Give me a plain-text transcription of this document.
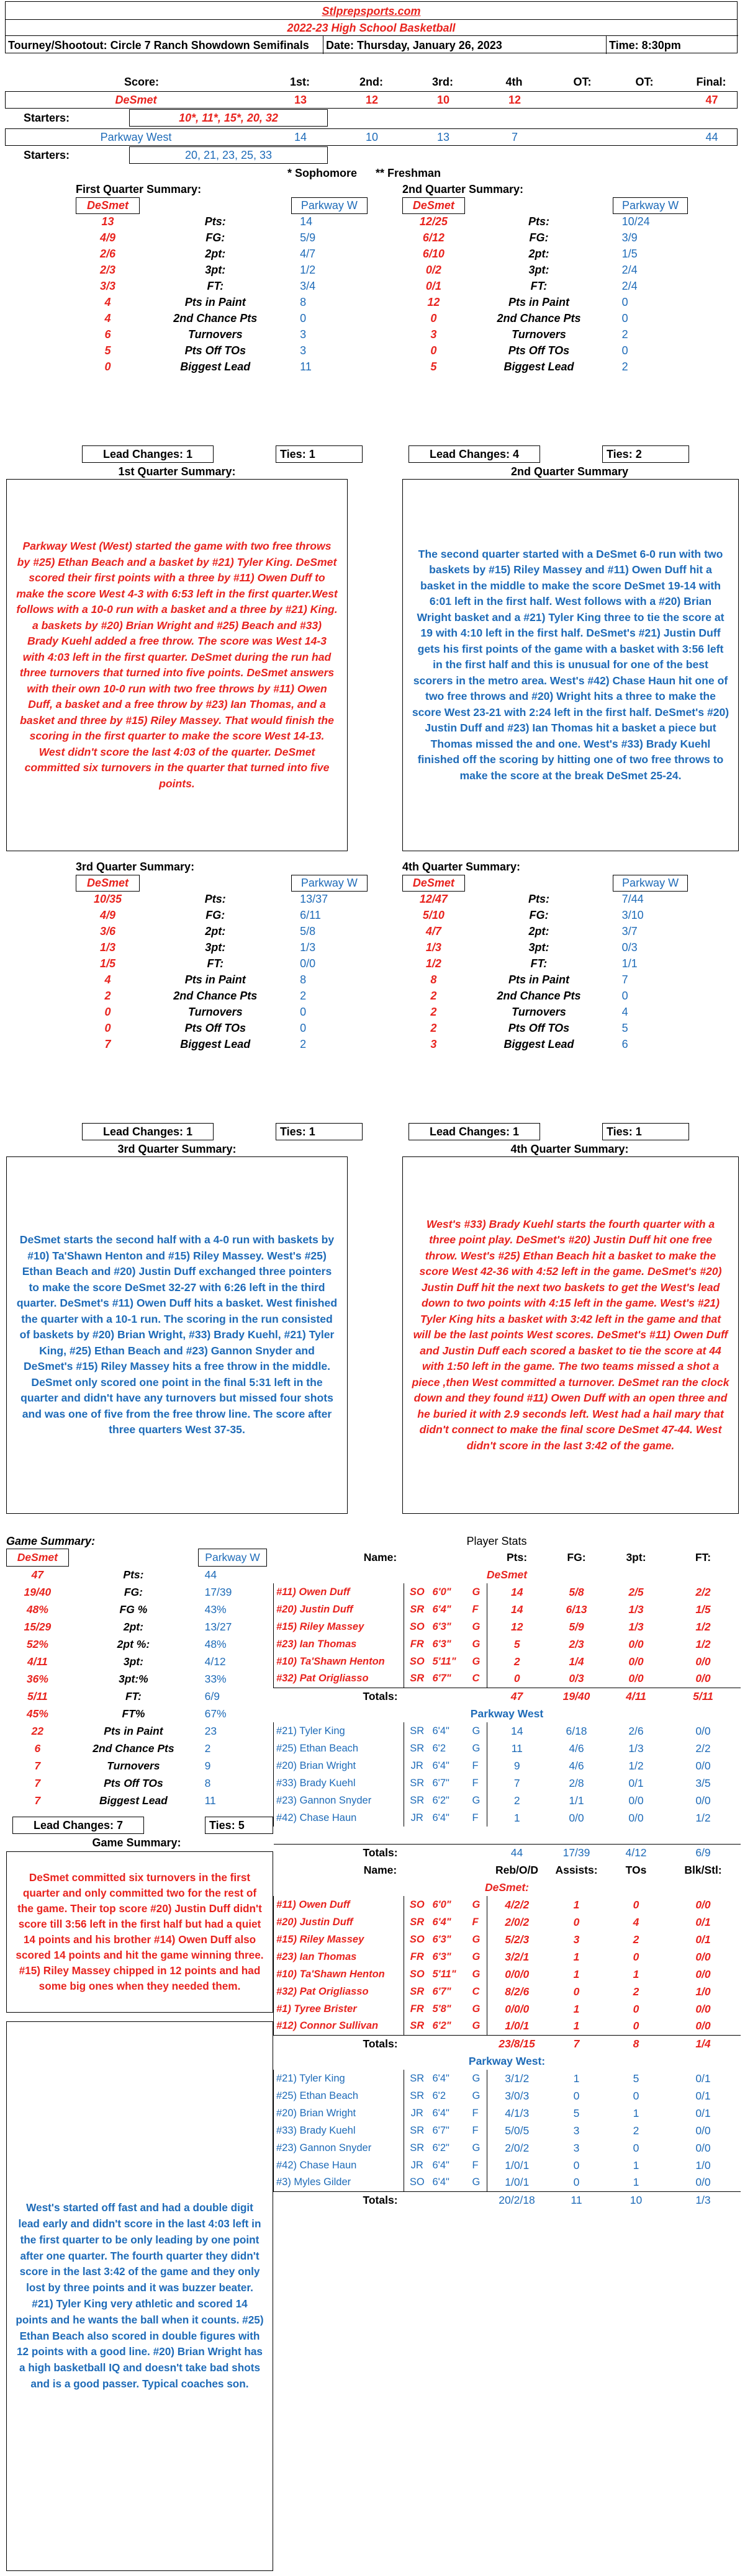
Stlprepsports.com
2022-23 High School Basketball
Tourney/Shootout: Circle 7 Ranch Showdown Semifinals	Date: Thursday, January 26, 2023	Time: 8:30pm
Score:	1st:	2nd:	3rd:	4th	OT:	OT:	Final:
DeSmet	13	12	10	12	47
Starters:	10*, 11*, 15*, 20, 32
Parkway West	14	10	13	7	44
Starters:	20, 21, 23, 25, 33
* Sophomore      ** Freshman
First Quarter Summary:
DeSmet		Parkway W
13	Pts:	14
4/9	FG:	5/9
2/6	2pt:	4/7
2/3	3pt:	1/2
3/3	FT:	3/4
4	Pts in Paint	8
4	2nd Chance Pts	0
6	Turnovers	3
5	Pts Off TOs	3
0	Biggest Lead	11
Lead Changes: 1	Ties: 1
1st Quarter Summary:
Parkway West (West) started the game with two free throws by #25) Ethan Beach and a basket by #21) Tyler King. DeSmet scored their first points with a three by #11) Owen Duff to make the score West 4-3 with 6:53 left in the first quarter.West follows with a 10-0 run with a basket and a three by #21) King. a baskets by #20) Brian Wright and #25) Beach and #33) Brady Kuehl added a free throw. The score was West 14-3 with 4:03 left in the first quarter. DeSmet during the run had three turnovers that turned into five points. DeSmet answers with their own 10-0 run with two free throws by #11) Owen Duff, a basket and a free throw by #23) Ian Thomas, and a basket and three by #15) Riley Massey. That would finish the scoring in the first quarter to make the score West 14-13. West didn't score the last 4:03 of the quarter. DeSmet committed six turnovers in the quarter that turned into five points.
2nd Quarter Summary:
DeSmet		Parkway W
12/25	Pts:	10/24
6/12	FG:	3/9
6/10	2pt:	1/5
0/2	3pt:	2/4
0/1	FT:	2/4
12	Pts in Paint	0
0	2nd Chance Pts	0
3	Turnovers	2
0	Pts Off TOs	0
5	Biggest Lead	2
Lead Changes: 4	Ties: 2
2nd Quarter Summary
The second quarter started with a DeSmet 6-0 run with two baskets by #15) Riley Massey and #11) Owen Duff hit a basket in the middle to make the score DeSmet 19-14 with 6:01 left in the first half. West follows with a #20) Brian Wright basket and a #21) Tyler King three to tie the score at 19 with 4:10 left in the first half. DeSmet's #21) Justin Duff gets his first points of the game with a basket with 3:56 left in the first half and this is unusual for one of the best scorers in the metro area. West's #42) Chase Haun hit one of two free throws and #20) Wright hits a three to make the score West 23-21 with 2:24 left in the first half. DeSmet's #20) Justin Duff and #23) Ian Thomas hit a basket a piece but Thomas missed the and one. West's #33) Brady Kuehl finished off the scoring by hitting one of two free throws to make the score at the break DeSmet 25-24.
3rd Quarter Summary:
DeSmet		Parkway W
10/35	Pts:	13/37
4/9	FG:	6/11
3/6	2pt:	5/8
1/3	3pt:	1/3
1/5	FT:	0/0
4	Pts in Paint	8
2	2nd Chance Pts	2
0	Turnovers	0
0	Pts Off TOs	0
7	Biggest Lead	2
Lead Changes: 1	Ties: 1
3rd Quarter Summary:
DeSmet starts the second half with a 4-0 run with baskets by #10) Ta'Shawn Henton and #15) Riley Massey. West's #25) Ethan Beach and #20) Justin Duff exchanged three pointers to make the score DeSmet 32-27 with 6:26 left in the third quarter. DeSmet's #11) Owen Duff hits a basket. West finished the quarter with a 10-1 run. The scoring in the run consisted of baskets by #20) Brian Wright, #33) Brady Kuehl, #21) Tyler King, #25) Ethan Beach and #23) Gannon Snyder and DeSmet's #15) Riley Massey hits a free throw in the middle. DeSmet only scored one point in the final 5:31 left in the quarter and didn't have any turnovers but missed four shots and was one of five from the free throw line. The score after three quarters West 37-35.
4th Quarter Summary:
DeSmet		Parkway W
12/47	Pts:	7/44
5/10	FG:	3/10
4/7	2pt:	3/7
1/3	3pt:	0/3
1/2	FT:	1/1
8	Pts in Paint	7
2	2nd Chance Pts	0
2	Turnovers	4
2	Pts Off TOs	5
3	Biggest Lead	6
Lead Changes: 1	Ties: 1
4th Quarter Summary:
West's #33) Brady Kuehl starts the fourth quarter with a three point play. DeSmet's #20) Justin Duff hit one free throw. West's #25) Ethan Beach hit a basket to make the score West 42-36 with 4:52 left in the game. DeSmet's #20) Justin Duff hit the next two baskets to get the West's lead down to two points with 4:15 left in the game. West's #21) Tyler King hits a basket with 3:42 left in the game and that will be the last points West scores. DeSmet's #11) Owen Duff and Justin Duff each scored a basket to tie the score at 44 with 1:50 left in the game. The two teams missed a shot a piece ,then West committed a turnover. DeSmet ran the clock down and they found #11) Owen Duff with an open three and he buried it with 2.9 seconds left. West had a hail mary that didn't connect to make the final score DeSmet 47-44. West didn't score in the last 3:42 of the game.
Game Summary:
DeSmet		Parkway W
47	Pts:	44
19/40	FG:	17/39
48%	FG %	43%
15/29	2pt:	13/27
52%	2pt %:	48%
4/11	3pt:	4/12
36%	3pt:%	33%
5/11	FT:	6/9
45%	FT%	67%
22	Pts in Paint	23
6	2nd Chance Pts	2
7	Turnovers	9
7	Pts Off TOs	8
7	Biggest Lead	11
Lead Changes: 7	Ties: 5
Game Summary:
DeSmet committed six turnovers in the first quarter and only committed two for the rest of the game. Their top score #20) Justin Duff didn't score till 3:56 left in the first half but had a quiet 14 points and his brother #14) Owen Duff also scored 14 points and hit the game winning three. #15) Riley Massey chipped in 12 points and had some big ones when they needed them.
West's started off fast and had a double digit lead early and didn't score in the last 4:03 left in the first quarter to be only leading by one point after one quarter. The fourth quarter they didn't score in the last 3:42 of the game and they only lost by three points and it was buzzer beater. #21) Tyler King very athletic and scored 14 points and he wants the ball when it counts. #25) Ethan Beach also scored in double figures with 12 points with a good line. #20) Brian Wright has a high basketball IQ and doesn't take bad shots and is a good passer. Typical coaches son.
Player Stats
Name:				Pts:	FG:	3pt:	FT:
DeSmet							
#11) Owen Duff	SO	6'0"	G	14	5/8	2/5	2/2
#20) Justin Duff	SR	6'4"	F	14	6/13	1/3	1/5
#15) Riley Massey	SO	6'3"	G	12	5/9	1/3	1/2
#23) Ian Thomas	FR	6'3"	G	5	2/3	0/0	1/2
#10) Ta'Shawn Henton	SO	5'11"	G	2	1/4	0/0	0/0
#32) Pat Origliasso	SR	6'7"	C	0	0/3	0/0	0/0
Totals:				47	19/40	4/11	5/11
Parkway West							
#21) Tyler King	SR	6'4"	G	14	6/18	2/6	0/0
#25) Ethan Beach	SR	6'2	G	11	4/6	1/3	2/2
#20) Brian Wright	JR	6'4"	F	9	4/6	1/2	0/0
#33) Brady Kuehl	SR	6'7"	F	7	2/8	0/1	3/5
#23) Gannon Snyder	SR	6'2"	G	2	1/1	0/0	0/0
#42) Chase Haun	JR	6'4"	F	1	0/0	0/0	1/2

Totals:				44	17/39	4/12	6/9
Name:				Reb/O/D	Assists:	TOs	Blk/Stl:
DeSmet:							
#11) Owen Duff	SO	6'0"	G	4/2/2	1	0	0/0
#20) Justin Duff	SR	6'4"	F	2/0/2	0	4	0/1
#15) Riley Massey	SO	6'3"	G	5/2/3	3	2	0/1
#23) Ian Thomas	FR	6'3"	G	3/2/1	1	0	0/0
#10) Ta'Shawn Henton	SO	5'11"	G	0/0/0	1	1	0/0
#32) Pat Origliasso	SR	6'7"	C	8/2/6	0	2	1/0
#1) Tyree Brister	FR	5'8"	G	0/0/0	1	0	0/0
#12) Connor Sullivan	SR	6'2"	G	1/0/1	1	0	0/0
Totals:				23/8/15	7	8	1/4
Parkway West:							
#21) Tyler King	SR	6'4"	G	3/1/2	1	5	0/1
#25) Ethan Beach	SR	6'2	G	3/0/3	0	0	0/1
#20) Brian Wright	JR	6'4"	F	4/1/3	5	1	0/1
#33) Brady Kuehl	SR	6'7"	F	5/0/5	3	2	0/0
#23) Gannon Snyder	SR	6'2"	G	2/0/2	3	0	0/0
#42) Chase Haun	JR	6'4"	F	1/0/1	0	1	1/0
#3) Myles Gilder	SO	6'4"	G	1/0/1	0	1	0/0
Totals:				20/2/18	11	10	1/3
